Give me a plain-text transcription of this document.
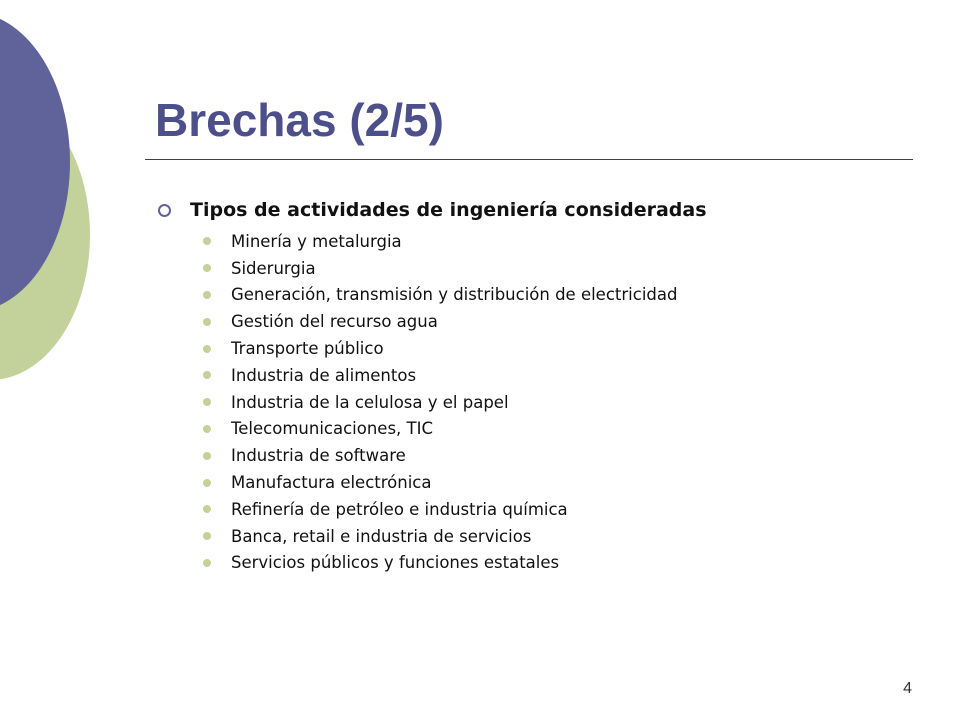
Brechas (2/5)
Tipos de actividades de ingeniería consideradas
Minería y metalurgia
Siderurgia
Generación, transmisión y distribución de electricidad
Gestión del recurso agua
Transporte público
Industria de alimentos
Industria de la celulosa y el papel
Telecomunicaciones, TIC
Industria de software
Manufactura electrónica
Refinería de petróleo e industria química
Banca, retail e industria de servicios
Servicios públicos y funciones estatales
4
